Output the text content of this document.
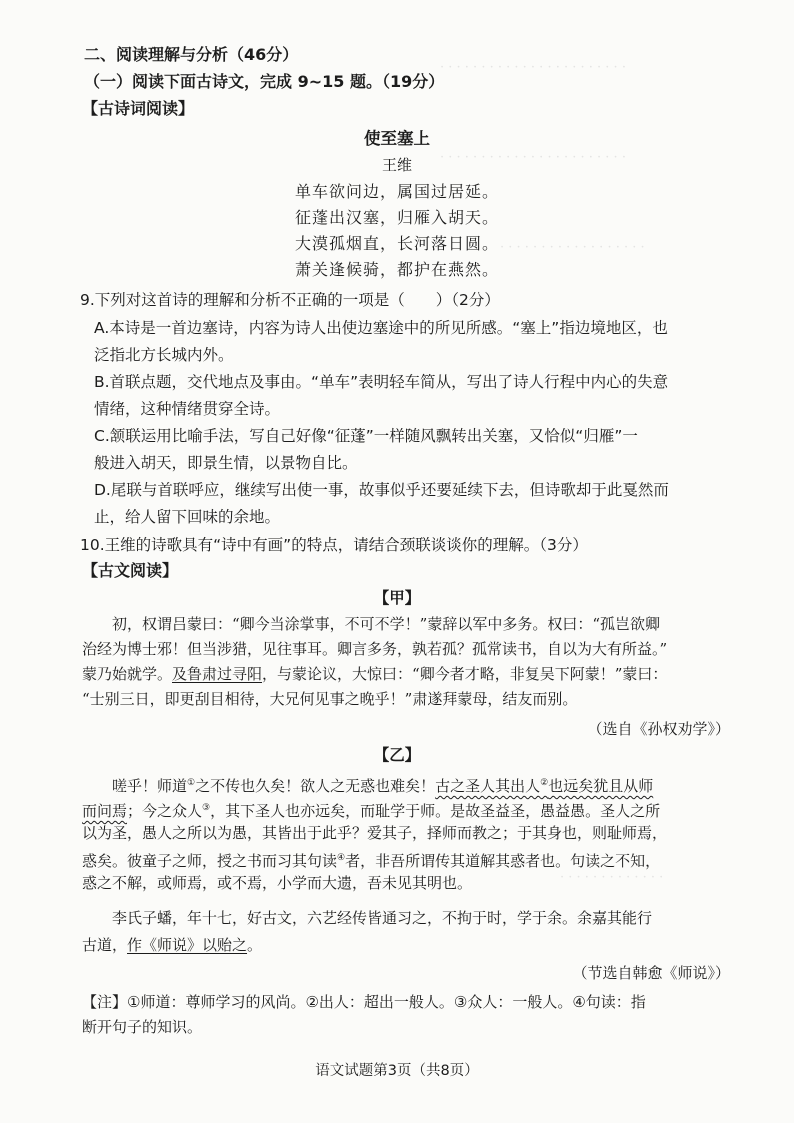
· · · · · · · · · · · · · · · · · · · · · · ·
· · · · · · · · · · · · · · · · · · · · · · ·
· · · · · · · · · · · · · · · · · ·
· · · · · · · · · · · · ·
二、阅读理解与分析（46分）
（一）阅读下面古诗文，完成 9~15 题。（19分）
【古诗词阅读】
使至塞上
王维
单车欲问边，属国过居延。
征蓬出汉塞，归雁入胡天。
大漠孤烟直，长河落日圆。
萧关逢候骑，都护在燕然。
9.下列对这首诗的理解和分析不正确的一项是（　　）（2分）
A.本诗是一首边塞诗，内容为诗人出使边塞途中的所见所感。“塞上”指边境地区，也
泛指北方长城内外。
B.首联点题，交代地点及事由。“单车”表明轻车简从，写出了诗人行程中内心的失意
情绪，这种情绪贯穿全诗。
C.颔联运用比喻手法，写自己好像“征蓬”一样随风飘转出关塞，又恰似“归雁”一
般进入胡天，即景生情，以景物自比。
D.尾联与首联呼应，继续写出使一事，故事似乎还要延续下去，但诗歌却于此戛然而
止，给人留下回味的余地。
10.王维的诗歌具有“诗中有画”的特点，请结合颈联谈谈你的理解。（3分）
【古文阅读】
【甲】
初，权谓吕蒙曰：“卿今当涂掌事，不可不学！”蒙辞以军中多务。权曰：“孤岂欲卿
治经为博士邪！但当涉猎，见往事耳。卿言多务，孰若孤？孤常读书，自以为大有所益。”
蒙乃始就学。及鲁肃过寻阳，与蒙论议，大惊曰：“卿今者才略，非复吴下阿蒙！”蒙曰：
“士别三日，即更刮目相待，大兄何见事之晚乎！”肃遂拜蒙母，结友而别。
（选自《孙权劝学》）
【乙】
嗟乎！师道①之不传也久矣！欲人之无惑也难矣！古之圣人其出人②也远矣犹且从师
而问焉；今之众人③，其下圣人也亦远矣，而耻学于师。是故圣益圣，愚益愚。圣人之所
以为圣，愚人之所以为愚，其皆出于此乎？爱其子，择师而教之；于其身也，则耻师焉，
惑矣。彼童子之师，授之书而习其句读④者，非吾所谓传其道解其惑者也。句读之不知，
惑之不解，或师焉，或不焉，小学而大遗，吾未见其明也。
李氏子蟠，年十七，好古文，六艺经传皆通习之，不拘于时，学于余。余嘉其能行
古道，作《师说》以贻之。
（节选自韩愈《师说》）
【注】①师道：尊师学习的风尚。②出人：超出一般人。③众人：一般人。④句读：指
断开句子的知识。
语文试题第3页（共8页）
